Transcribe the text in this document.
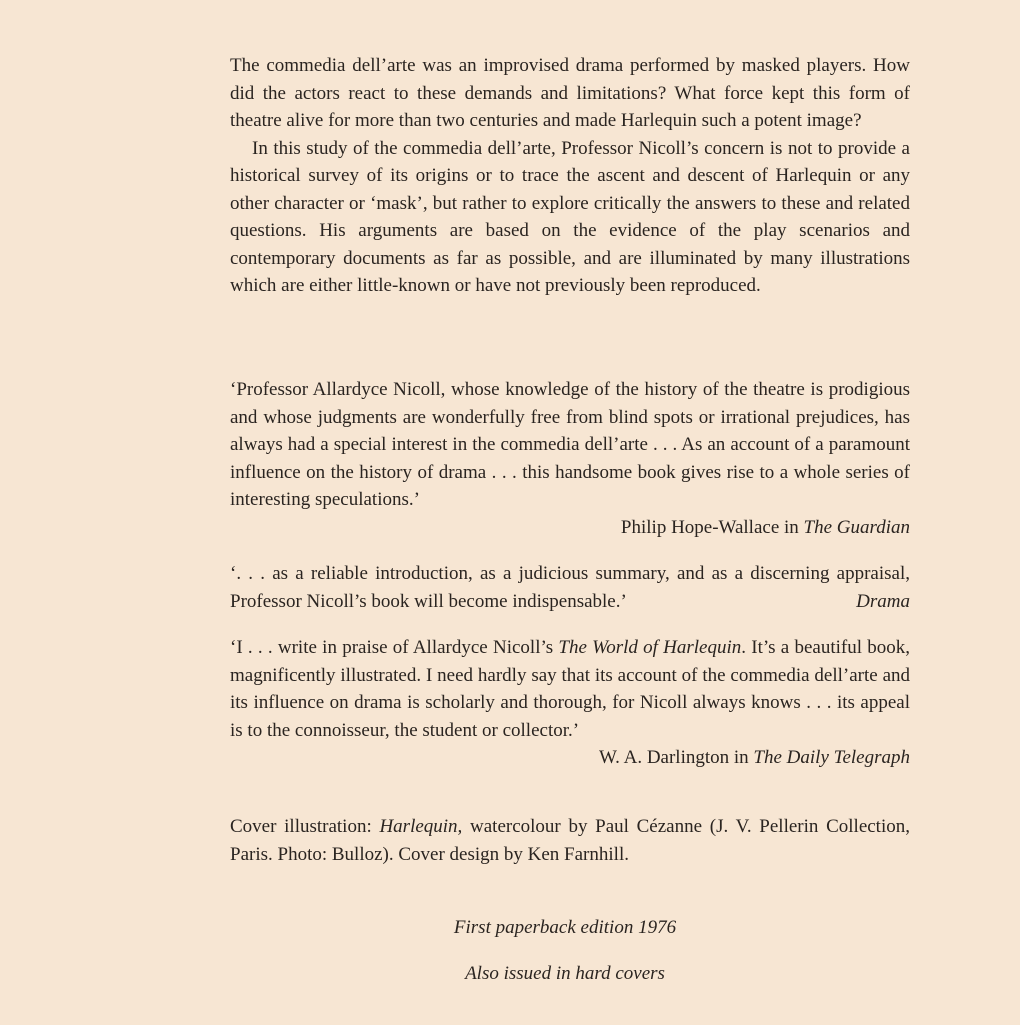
The commedia dell’arte was an improvised drama performed by masked players. How did the actors react to these demands and limitations? What force kept this form of theatre alive for more than two centuries and made Harlequin such a potent image?

In this study of the commedia dell’arte, Professor Nicoll’s concern is not to provide a historical survey of its origins or to trace the ascent and descent of Harlequin or any other character or ‘mask’, but rather to explore critically the answers to these and related questions. His arguments are based on the evidence of the play scenarios and contemporary documents as far as possible, and are illuminated by many illustrations which are either little-known or have not previously been reproduced.

‘Professor Allardyce Nicoll, whose knowledge of the history of the theatre is prodigious and whose judgments are wonderfully free from blind spots or irrational prejudices, has always had a special interest in the commedia dell’arte . . . As an account of a paramount influence on the history of drama . . . this handsome book gives rise to a whole series of interesting speculations.’

Philip Hope-Wallace in The Guardian

‘. . . as a reliable introduction, as a judicious summary, and as a discerning appraisal, Professor Nicoll’s book will become indispensable.’	Drama

‘I . . . write in praise of Allardyce Nicoll’s The World of Harlequin. It’s a beautiful book, magnificently illustrated. I need hardly say that its account of the commedia dell’arte and its influence on drama is scholarly and thorough, for Nicoll always knows . . . its appeal is to the connoisseur, the student or collector.’

W. A. Darlington in The Daily Telegraph

Cover illustration: Harlequin, watercolour by Paul Cézanne (J. V. Pellerin Collection, Paris. Photo: Bulloz). Cover design by Ken Farnhill.

First paperback edition 1976
Also issued in hard covers
